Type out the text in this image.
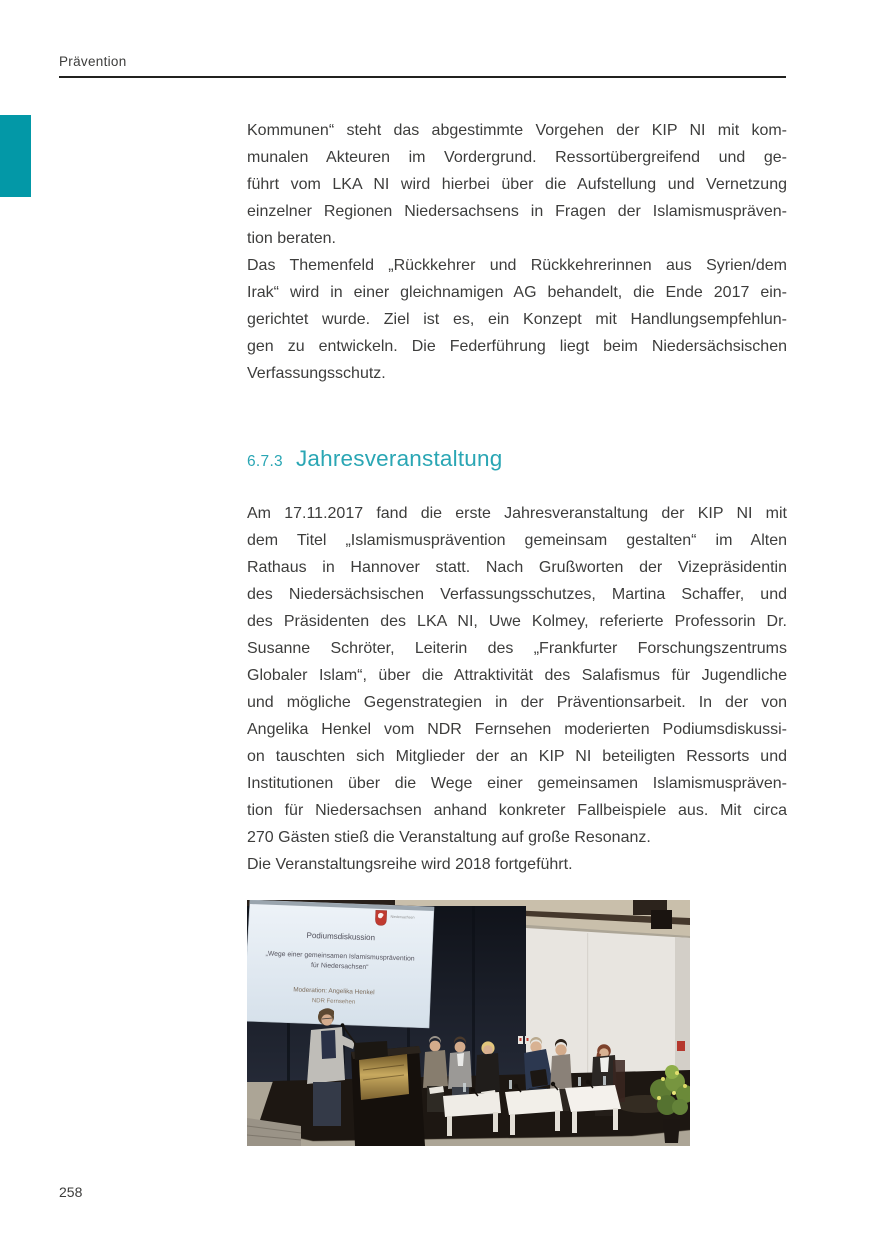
Prävention
Kommunen“ steht das abgestimmte Vorgehen der KIP NI mit kom-
munalen Akteuren im Vordergrund. Ressortübergreifend und ge-
führt vom LKA NI wird hierbei über die Aufstellung und Vernetzung
einzelner Regionen Niedersachsens in Fragen der Islamismuspräven-
tion beraten.
Das Themenfeld „Rückkehrer und Rückkehrerinnen aus Syrien/dem
Irak“ wird in einer gleichnamigen AG behandelt, die Ende 2017 ein-
gerichtet wurde. Ziel ist es, ein Konzept mit Handlungsempfehlun-
gen zu entwickeln. Die Federführung liegt beim Niedersächsischen
Verfassungsschutz.
6.7.3 Jahresveranstaltung
Am 17.11.2017 fand die erste Jahresveranstaltung der KIP NI mit
dem Titel „Islamismusprävention gemeinsam gestalten“ im Alten
Rathaus in Hannover statt. Nach Grußworten der Vizepräsidentin
des Niedersächsischen Verfassungsschutzes, Martina Schaffer, und
des Präsidenten des LKA NI, Uwe Kolmey, referierte Professorin Dr.
Susanne Schröter, Leiterin des „Frankfurter Forschungszentrums
Globaler Islam“, über die Attraktivität des Salafismus für Jugendliche
und mögliche Gegenstrategien in der Präventionsarbeit. In der von
Angelika Henkel vom NDR Fernsehen moderierten Podiumsdiskussi-
on tauschten sich Mitglieder der an KIP NI beteiligten Ressorts und
Institutionen über die Wege einer gemeinsamen Islamismuspräven-
tion für Niedersachsen anhand konkreter Fallbeispiele aus. Mit circa
270 Gästen stieß die Veranstaltung auf große Resonanz.
Die Veranstaltungsreihe wird 2018 fortgeführt.
Niedersachsen
Podiumsdiskussion
„Wege einer gemeinsamen Islamismusprävention
für Niedersachsen“
Moderation: Angelika Henkel
NDR Fernsehen
258
